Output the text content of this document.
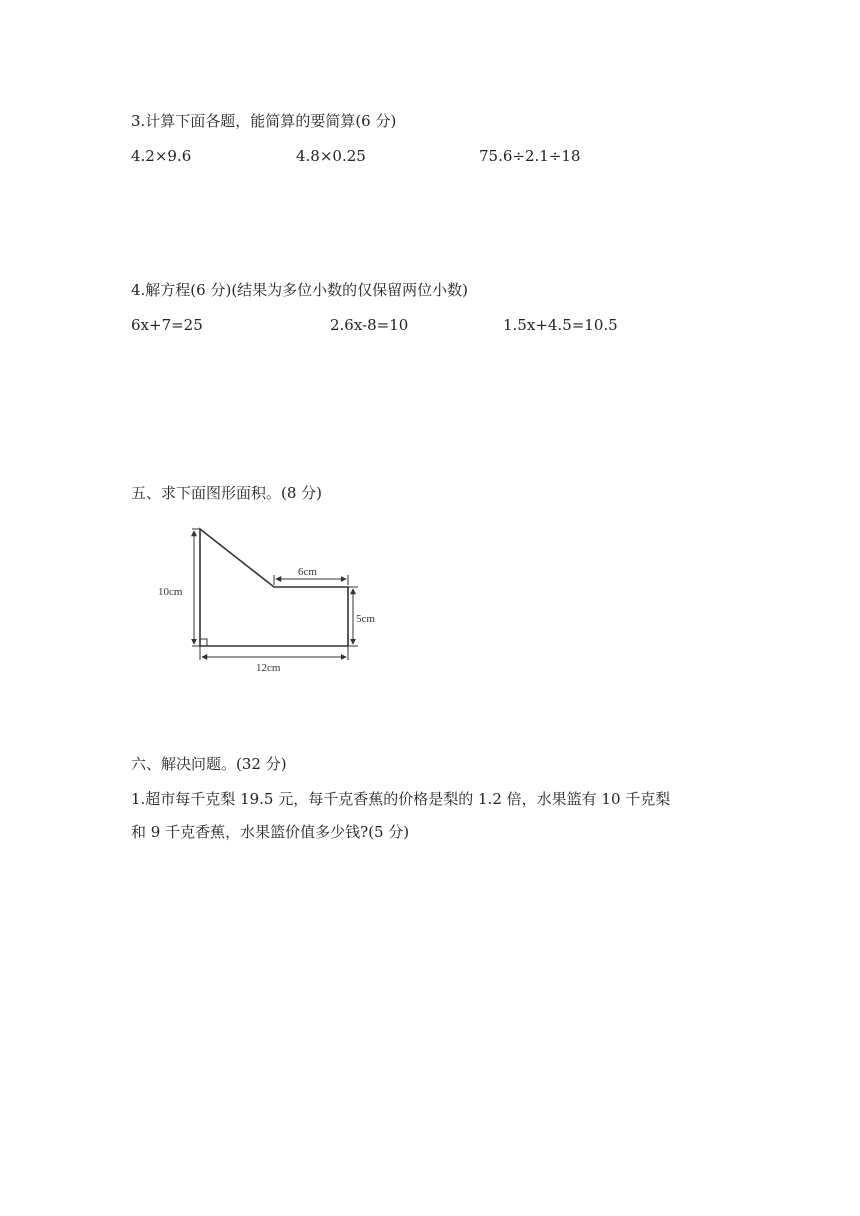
3.计算下面各题，能简算的要简算(6 分)
4.2×9.6	4.8×0.25	75.6÷2.1÷18
4.解方程(6 分)(结果为多位小数的仅保留两位小数)
6x+7=25	2.6x-8=10	1.5x+4.5=10.5
五、求下面图形面积。(8 分)
10cm
6cm
5cm
12cm
六、解决问题。(32 分)
1.超市每千克梨 19.5 元，每千克香蕉的价格是梨的 1.2 倍，水果篮有 10 千克梨
和 9 千克香蕉，水果篮价值多少钱?(5 分)
